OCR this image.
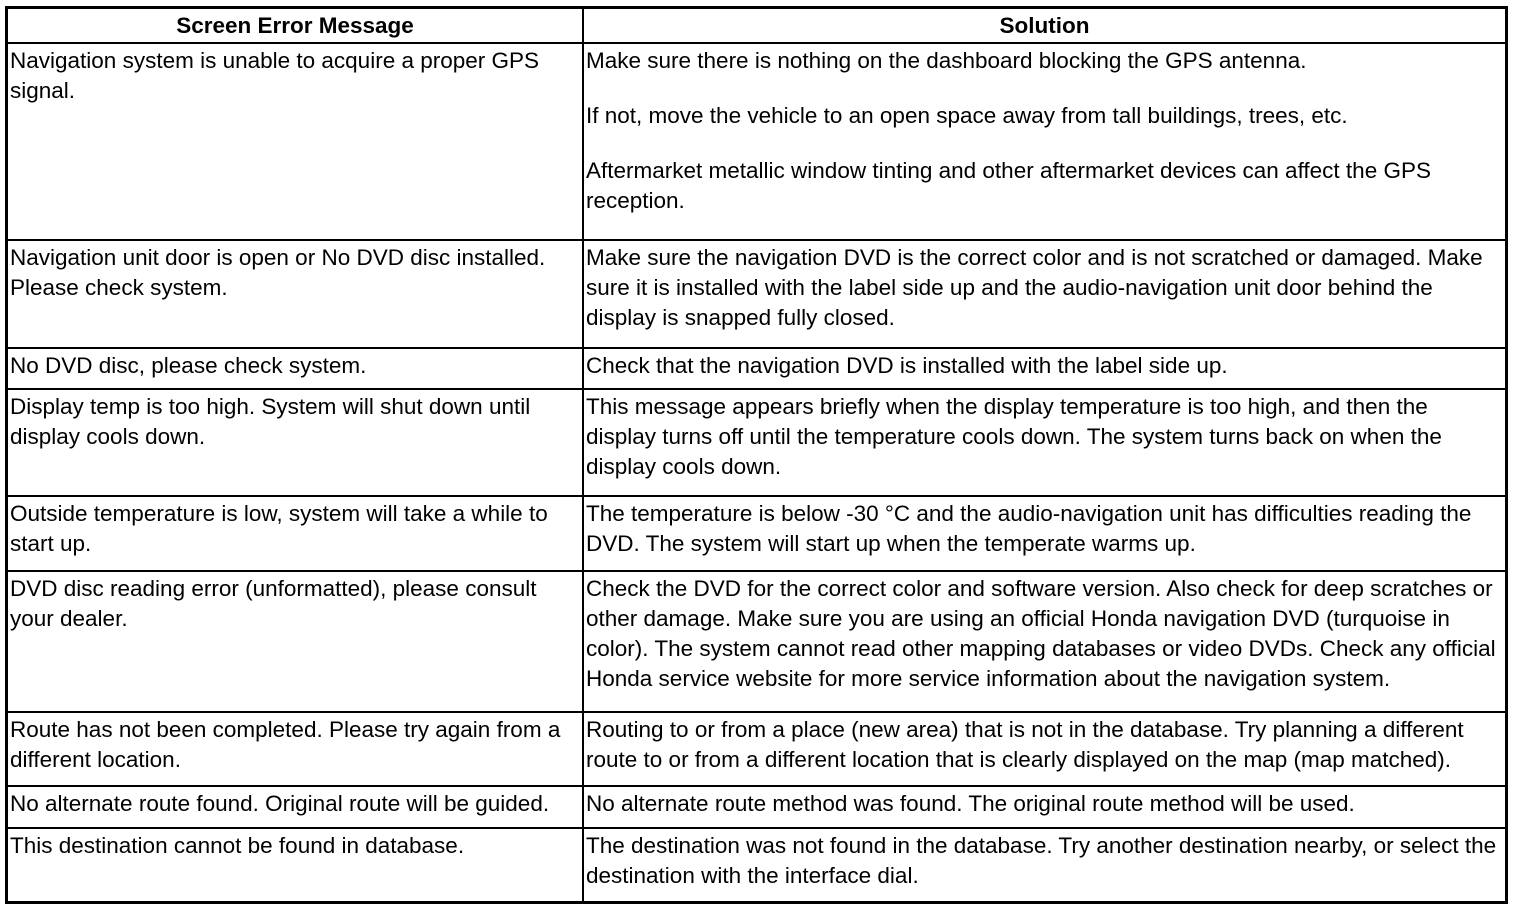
Screen Error Message	Solution
Navigation system is unable to acquire a proper GPS signal.	Make sure there is nothing on the dashboard blocking the GPS antenna.

If not, move the vehicle to an open space away from tall buildings, trees, etc.

Aftermarket metallic window tinting and other aftermarket devices can affect the GPS reception.

Navigation unit door is open or No DVD disc installed. Please check system.	Make sure the navigation DVD is the correct color and is not scratched or damaged. Make sure it is installed with the label side up and the audio-navigation unit door behind the display is snapped fully closed.

No DVD disc, please check system.	Check that the navigation DVD is installed with the label side up.

Display temp is too high. System will shut down until display cools down.	This message appears briefly when the display temperature is too high, and then the display turns off until the temperature cools down. The system turns back on when the display cools down.

Outside temperature is low, system will take a while to start up.	The temperature is below -30 °C and the audio-navigation unit has difficulties reading the DVD. The system will start up when the temperate warms up.

DVD disc reading error (unformatted), please consult your dealer.	Check the DVD for the correct color and software version. Also check for deep scratches or other damage. Make sure you are using an official Honda navigation DVD (turquoise in color). The system cannot read other mapping databases or video DVDs. Check any official Honda service website for more service information about the navigation system.

Route has not been completed. Please try again from a different location.	Routing to or from a place (new area) that is not in the database. Try planning a different route to or from a different location that is clearly displayed on the map (map matched).

No alternate route found. Original route will be guided.	No alternate route method was found. The original route method will be used.

This destination cannot be found in database.	The destination was not found in the database. Try another destination nearby, or select the destination with the interface dial.
